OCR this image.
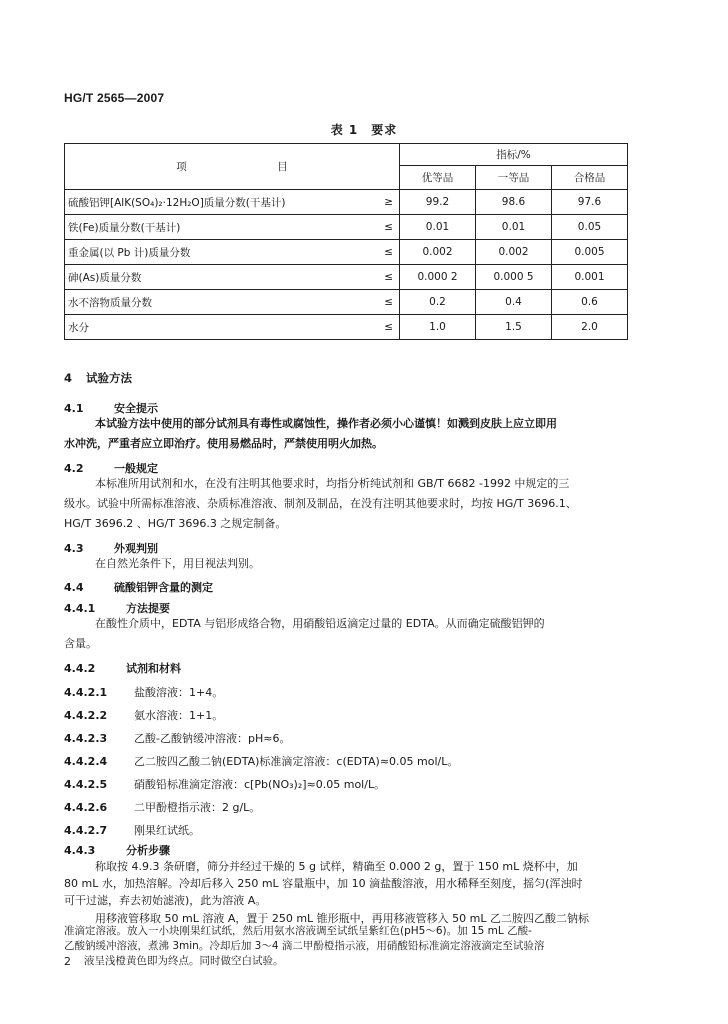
HG/T 2565—2007
表 1　要求
项　目		指标/%		
		优等品	一等品	合格品
硫酸铝钾[AlK(SO₄)₂·12H₂O]质量分数(干基计)	≥	99.2	98.6	97.6
铁(Fe)质量分数(干基计)	≤	0.01	0.01	0.05
重金属(以 Pb 计)质量分数	≤	0.002	0.002	0.005
砷(As)质量分数	≤	0.000 2	0.000 5	0.001
水不溶物质量分数	≤	0.2	0.4	0.6
水分	≤	1.0	1.5	2.0
4 试验方法
4.1	安全提示
本试验方法中使用的部分试剂具有毒性或腐蚀性，操作者必须小心谨慎！如溅到皮肤上应立即用
水冲洗，严重者应立即治疗。使用易燃品时，严禁使用明火加热。
4.2	一般规定
本标准所用试剂和水，在没有注明其他要求时，均指分析纯试剂和 GB/T 6682 -1992 中规定的三
级水。试验中所需标准溶液、杂质标准溶液、制剂及制品，在没有注明其他要求时，均按 HG/T 3696.1、
HG/T 3696.2 、HG/T 3696.3 之规定制备。
4.3	外观判别
在自然光条件下，用目视法判别。
4.4	硫酸铝钾含量的测定
4.4.1	方法提要
在酸性介质中，EDTA 与铝形成络合物，用硝酸铅返滴定过量的 EDTA。从而确定硫酸铝钾的
含量。
4.4.2	试剂和材料
4.4.2.1 盐酸溶液：1+4。
4.4.2.2 氨水溶液：1+1。
4.4.2.3 乙酸-乙酸钠缓冲溶液：pH≈6。
4.4.2.4 乙二胺四乙酸二钠(EDTA)标准滴定溶液：c(EDTA)≈0.05 mol/L。
4.4.2.5 硝酸铅标准滴定溶液：c[Pb(NO₃)₂]≈0.05 mol/L。
4.4.2.6 二甲酚橙指示液：2 g/L。
4.4.2.7 刚果红试纸。
4.4.3	分析步骤
称取按 4.9.3 条研磨，筛分并经过干燥的 5 g 试样，精确至 0.000 2 g，置于 150 mL 烧杯中，加
80 mL 水，加热溶解。冷却后移入 250 mL 容量瓶中，加 10 滴盐酸溶液，用水稀释至刻度，摇匀(浑浊时
可干过滤，弃去初始滤液)，此为溶液 A。
用移液管移取 50 mL 溶液 A，置于 250 mL 锥形瓶中，再用移液管移入 50 mL 乙二胺四乙酸二钠标
准滴定溶液。放入一小块刚果红试纸，然后用氨水溶液调至试纸呈紫红色(pH5～6)。加 15 mL 乙酸-
乙酸钠缓冲溶液，煮沸 3min。冷却后加 3～4 滴二甲酚橙指示液，用硝酸铅标准滴定溶液滴定至试验溶
2 液呈浅橙黄色即为终点。同时做空白试验。
